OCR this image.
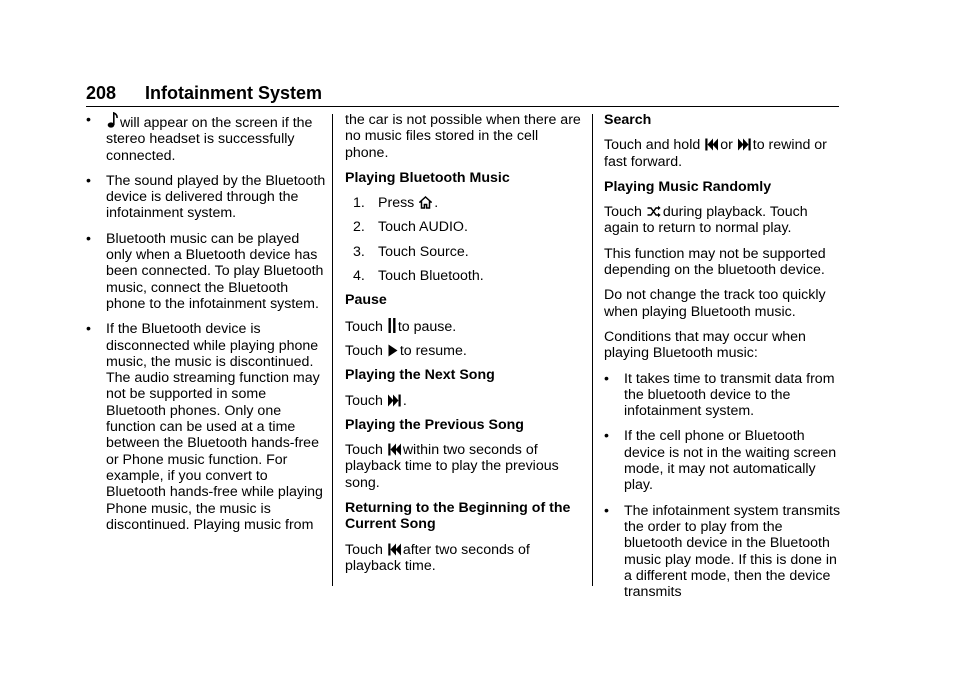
208 Infotainment System
• will appear on the screen if the stereo headset is successfully connected.
• The sound played by the Bluetooth device is delivered through the infotainment system.
• Bluetooth music can be played only when a Bluetooth device has been connected. To play Bluetooth music, connect the Bluetooth phone to the infotainment system.
• If the Bluetooth device is disconnected while playing phone music, the music is discontinued. The audio streaming function may not be supported in some Bluetooth phones. Only one function can be used at a time between the Bluetooth hands-free or Phone music function. For example, if you convert to Bluetooth hands-free while playing Phone music, the music is discontinued. Playing music from

the car is not possible when there are no music files stored in the cell phone.

Playing Bluetooth Music
1. Press .
2. Touch AUDIO.
3. Touch Source.
4. Touch Bluetooth.
Pause

Touch to pause.

Touch to resume.

Playing the Next Song

Touch .

Playing the Previous Song

Touch within two seconds of playback time to play the previous song.

Returning to the Beginning of the Current Song

Touch after two seconds of playback time.

Search

Touch and hold or to rewind or fast forward.

Playing Music Randomly

Touch during playback. Touch again to return to normal play.

This function may not be supported depending on the bluetooth device.

Do not change the track too quickly when playing Bluetooth music.

Conditions that may occur when playing Bluetooth music:

• It takes time to transmit data from the bluetooth device to the infotainment system.
• If the cell phone or Bluetooth device is not in the waiting screen mode, it may not automatically play.
• The infotainment system transmits the order to play from the bluetooth device in the Bluetooth music play mode. If this is done in a different mode, then the device transmits
